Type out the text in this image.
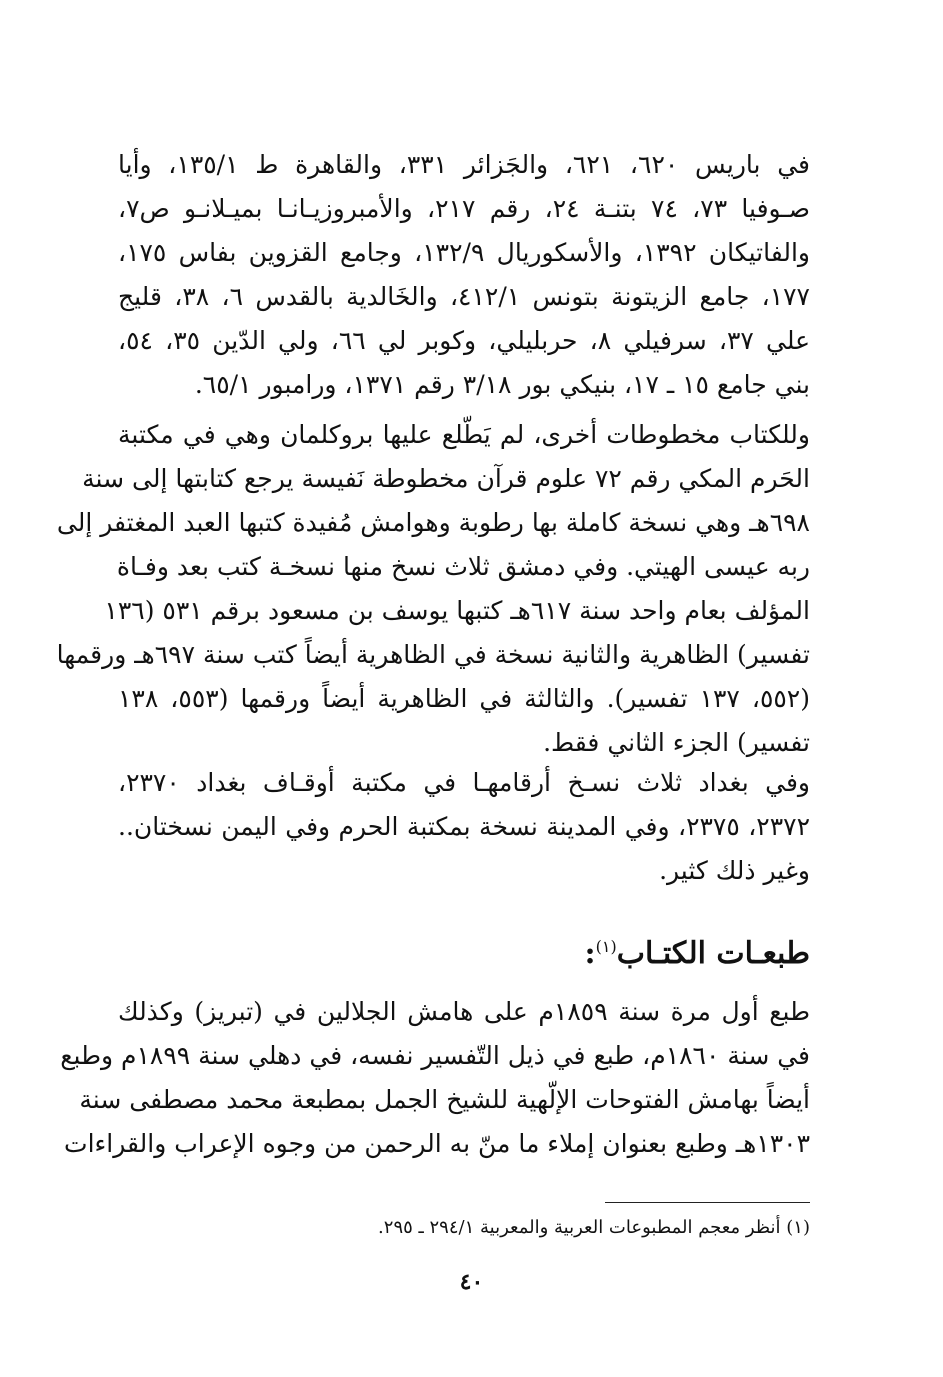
في باريس ٦٢٠، ٦٢١، والجَزائر ٣٣١، والقاهرة ط ١٣٥/١، وأيا
صـوفيا ٧٣، ٧٤ بتنـة ٢٤، رقم ٢١٧، والأمبروزيـانـا بميـلانـو ص٧،
والفاتيكان ١٣٩٢، والأسكوريال ١٣٢/٩، وجامع القزوين بفاس ١٧٥،
١٧٧، جامع الزيتونة بتونس ٤١٢/١، والخَالدية بالقدس ٦، ٣٨، قليج
علي ٣٧، سرفيلي ٨، حربليلي، وكوبر لي ٦٦، ولي الدّين ٣٥، ٥٤،
بني جامع ١٥ ـ ١٧، بنيكي بور ٣/١٨ رقم ١٣٧١، ورامبور ٦٥/١.
وللكتاب مخطوطات أخرى، لم يَطّلع عليها بروكلمان وهي في مكتبة
الحَرم المكي رقم ٧٢ علوم قرآن مخطوطة نَفيسة يرجع كتابتها إلى سنة
٦٩٨هـ وهي نسخة كاملة بها رطوبة وهوامش مُفيدة كتبها العبد المغتفر إلى
ربه عيسى الهيتي. وفي دمشق ثلاث نسخ منها نسخـة كتب بعد وفـاة
المؤلف بعام واحد سنة ٦١٧هـ كتبها يوسف بن مسعود برقم ٥٣١ (١٣٦
تفسير) الظاهرية والثانية نسخة في الظاهرية أيضاً كتب سنة ٦٩٧هـ ورقمها
(٥٥٢، ١٣٧ تفسير). والثالثة في الظاهرية أيضاً ورقمها (٥٥٣، ١٣٨
تفسير) الجزء الثاني فقط.
وفي بغداد ثلاث نسـخ أرقامهـا في مكتبة أوقـاف بغداد ٢٣٧٠،
٢٣٧٢، ٢٣٧٥، وفي المدينة نسخة بمكتبة الحرم وفي اليمن نسختان..
وغير ذلك كثير.
طبعـات الكتـاب$^{(١)}$:
طبع أول مرة سنة ١٨٥٩م على هامش الجلالين في (تبريز) وكذلك
في سنة ١٨٦٠م، طبع في ذيل التّفسير نفسه، في دهلي سنة ١٨٩٩م وطبع
أيضاً بهامش الفتوحات الإلّهية للشيخ الجمل بمطبعة محمد مصطفى سنة
١٣٠٣هـ وطبع بعنوان إملاء ما منّ به الرحمن من وجوه الإعراب والقراءات
(١) أنظر معجم المطبوعات العربية والمعربية ٢٩٤/١ ـ ٢٩٥.
٤٠
